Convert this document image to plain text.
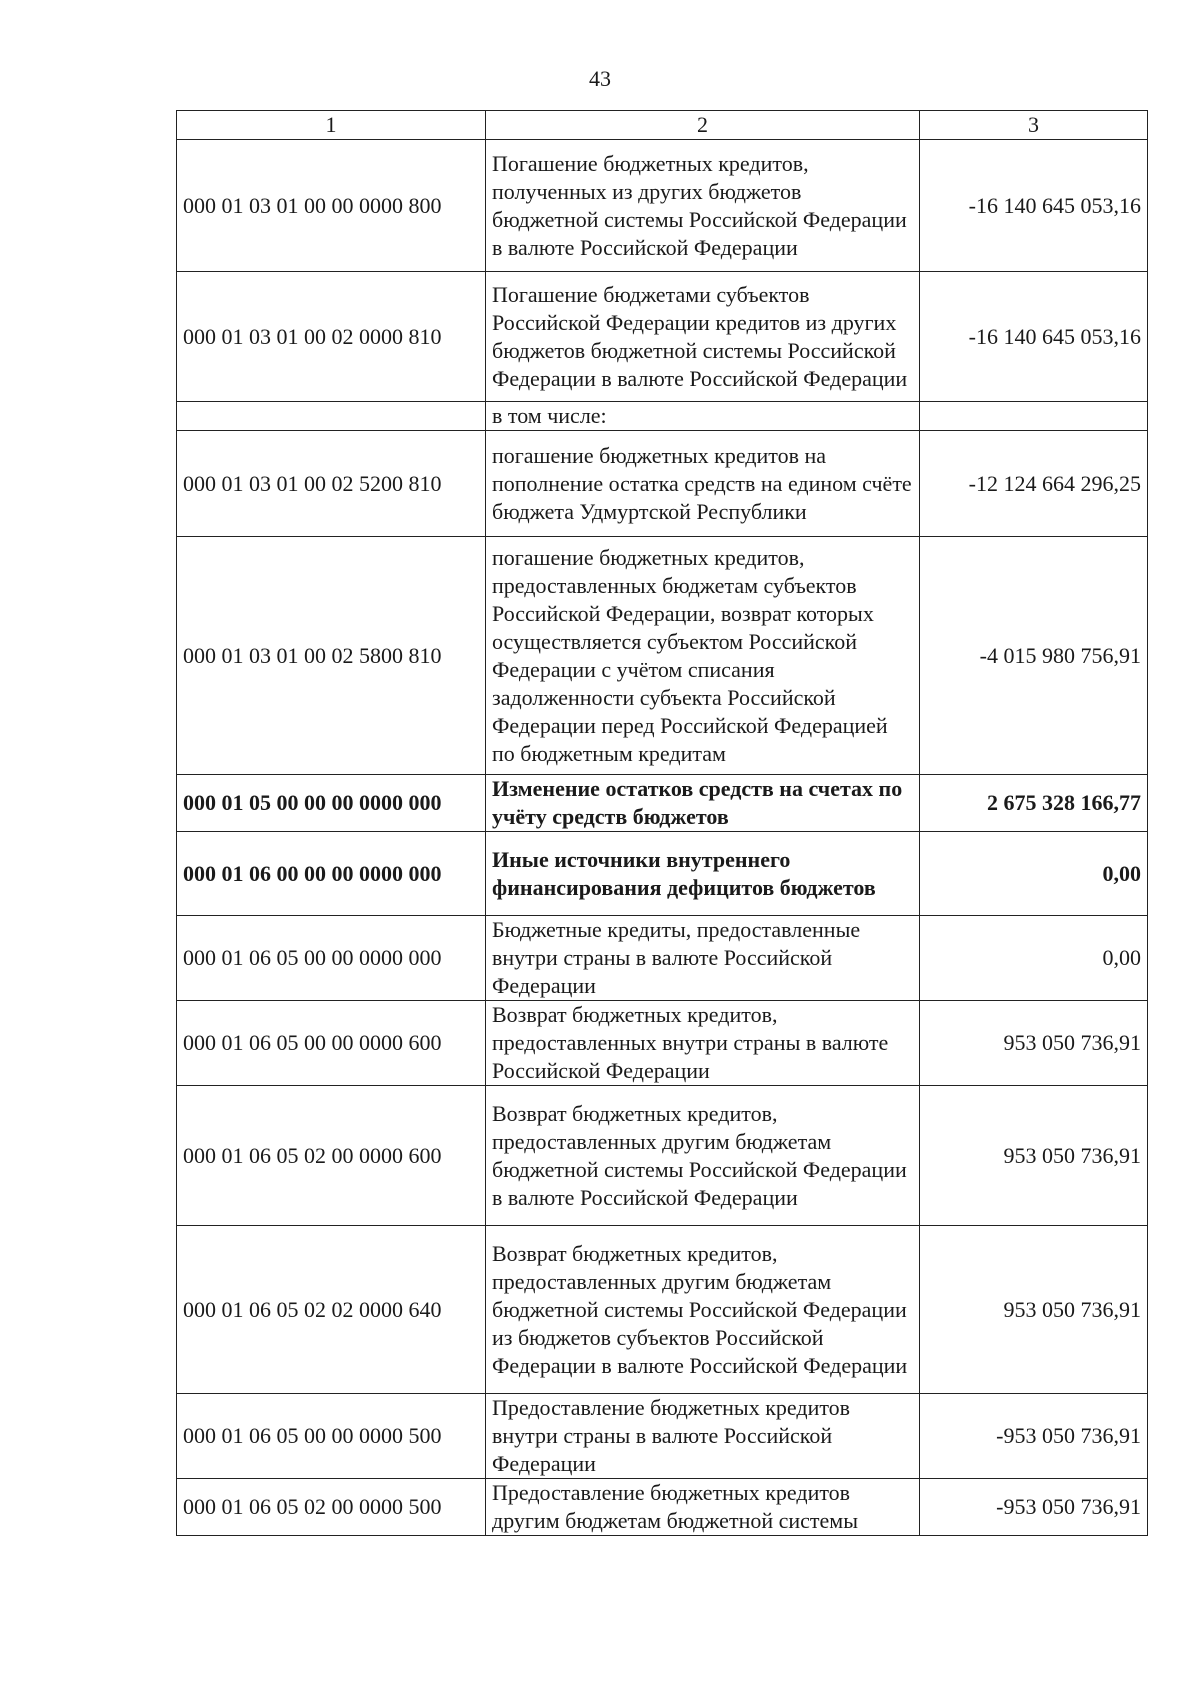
43
1	2	3
000 01 03 01 00 00 0000 800	Погашение бюджетных кредитов, полученных из других бюджетов бюджетной системы Российской Федерации в валюте Российской Федерации	-16 140 645 053,16
000 01 03 01 00 02 0000 810	Погашение бюджетами субъектов Российской Федерации кредитов из других бюджетов бюджетной системы Российской Федерации в валюте Российской Федерации	-16 140 645 053,16
	в том числе:	
000 01 03 01 00 02 5200 810	погашение бюджетных кредитов на пополнение остатка средств на едином счёте бюджета Удмуртской Республики	-12 124 664 296,25
000 01 03 01 00 02 5800 810	погашение бюджетных кредитов, предоставленных бюджетам субъектов Российской Федерации, возврат которых осуществляется субъектом Российской Федерации с учётом списания задолженности субъекта Российской Федерации перед Российской Федерацией по бюджетным кредитам	-4 015 980 756,91
000 01 05 00 00 00 0000 000	Изменение остатков средств на счетах по учёту средств бюджетов	2 675 328 166,77
000 01 06 00 00 00 0000 000	Иные источники внутреннего финансирования дефицитов бюджетов	0,00
000 01 06 05 00 00 0000 000	Бюджетные кредиты, предоставленные внутри страны в валюте Российской Федерации	0,00
000 01 06 05 00 00 0000 600	Возврат бюджетных кредитов, предоставленных внутри страны в валюте Российской Федерации	953 050 736,91
000 01 06 05 02 00 0000 600	Возврат бюджетных кредитов, предоставленных другим бюджетам бюджетной системы Российской Федерации в валюте Российской Федерации	953 050 736,91
000 01 06 05 02 02 0000 640	Возврат бюджетных кредитов, предоставленных другим бюджетам бюджетной системы Российской Федерации из бюджетов субъектов Российской Федерации в валюте Российской Федерации	953 050 736,91
000 01 06 05 00 00 0000 500	Предоставление бюджетных кредитов внутри страны в валюте Российской Федерации	-953 050 736,91
000 01 06 05 02 00 0000 500	Предоставление бюджетных кредитов другим бюджетам бюджетной системы	-953 050 736,91
